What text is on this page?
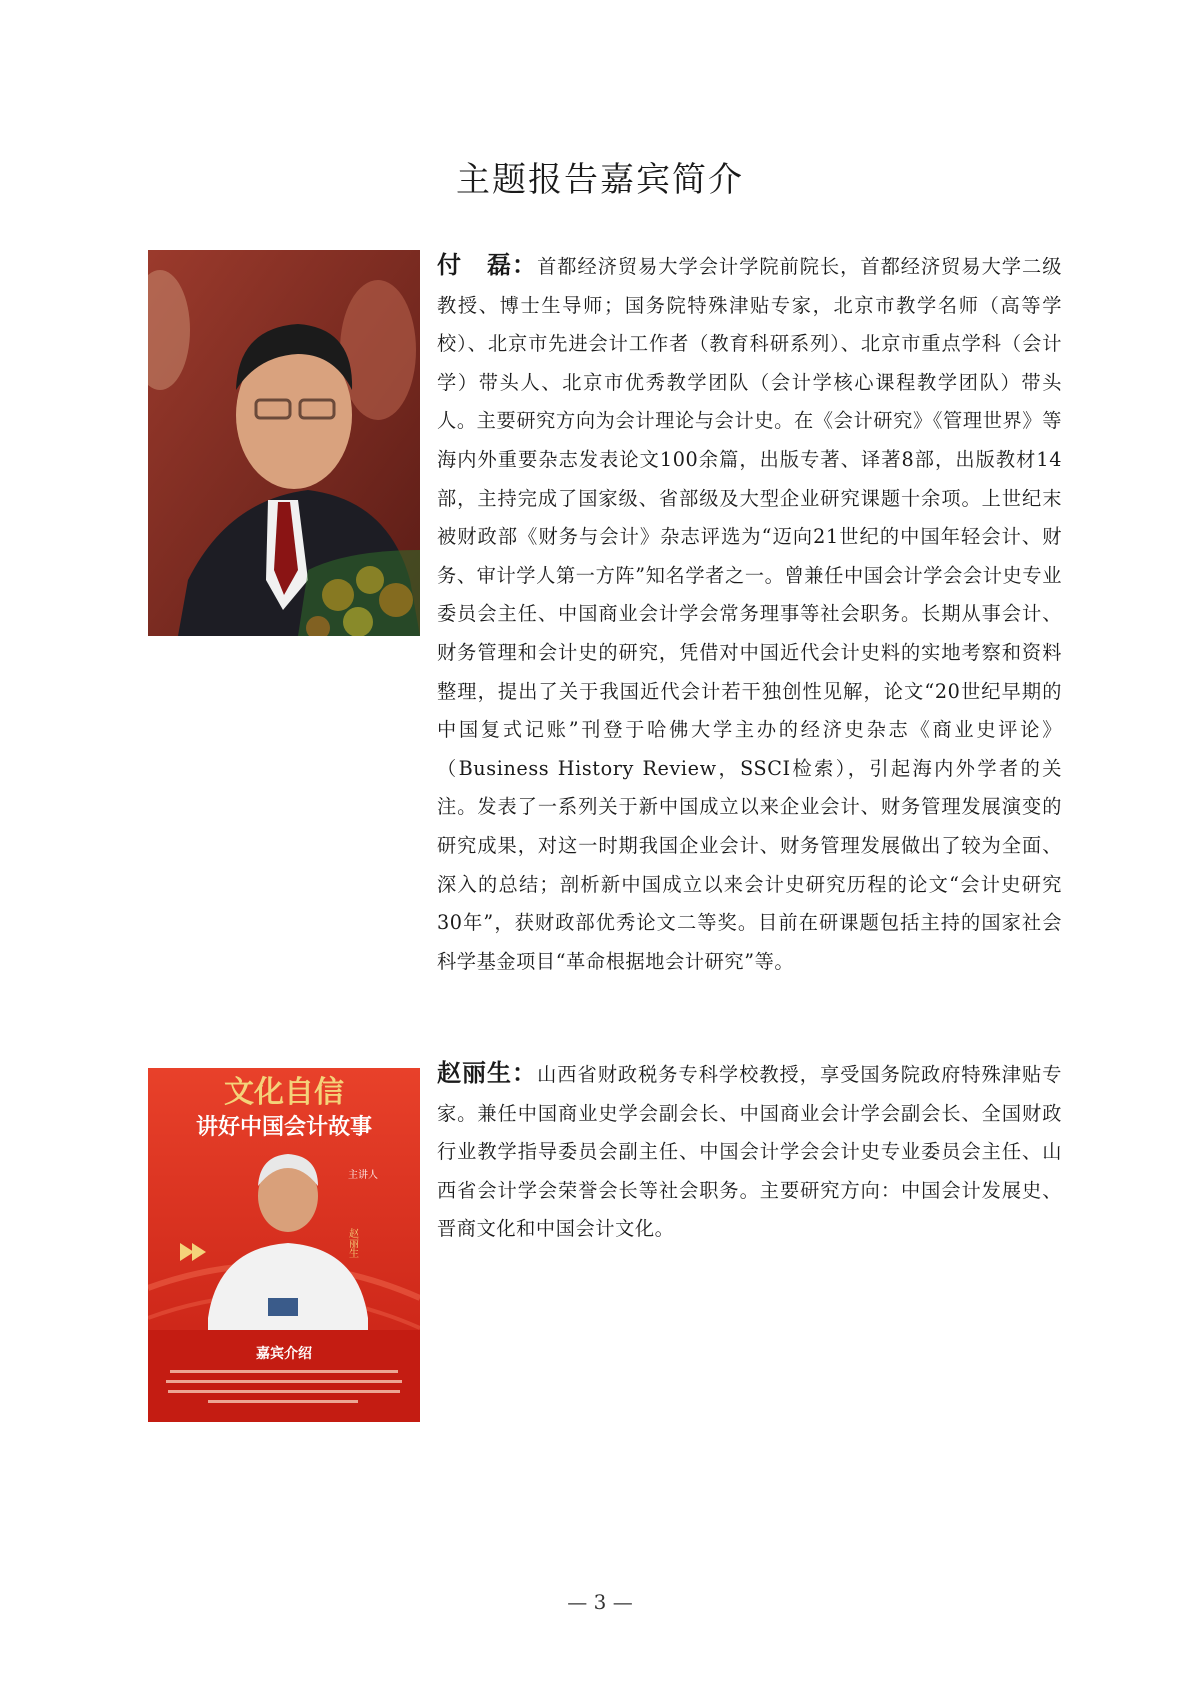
主题报告嘉宾简介
付　磊：首都经济贸易大学会计学院前院长，首都经济贸易大学二级教授、博士生导师；国务院特殊津贴专家，北京市教学名师（高等学校）、北京市先进会计工作者（教育科研系列）、北京市重点学科（会计学）带头人、北京市优秀教学团队（会计学核心课程教学团队）带头人。主要研究方向为会计理论与会计史。在《会计研究》《管理世界》等海内外重要杂志发表论文100余篇，出版专著、译著8部，出版教材14部，主持完成了国家级、省部级及大型企业研究课题十余项。上世纪末被财政部《财务与会计》杂志评选为“迈向21世纪的中国年轻会计、财务、审计学人第一方阵”知名学者之一。曾兼任中国会计学会会计史专业委员会主任、中国商业会计学会常务理事等社会职务。长期从事会计、财务管理和会计史的研究，凭借对中国近代会计史料的实地考察和资料整理，提出了关于我国近代会计若干独创性见解，论文“20世纪早期的中国复式记账”刊登于哈佛大学主办的经济史杂志《商业史评论》（Business History Review，SSCI检索），引起海内外学者的关注。发表了一系列关于新中国成立以来企业会计、财务管理发展演变的研究成果，对这一时期我国企业会计、财务管理发展做出了较为全面、深入的总结；剖析新中国成立以来会计史研究历程的论文“会计史研究30年”，获财政部优秀论文二等奖。目前在研课题包括主持的国家社会科学基金项目“革命根据地会计研究”等。
文化自信
讲好中国会计故事
主讲人
赵丽生
嘉宾介绍
赵丽生：山西省财政税务专科学校教授，享受国务院政府特殊津贴专家。兼任中国商业史学会副会长、中国商业会计学会副会长、全国财政行业教学指导委员会副主任、中国会计学会会计史专业委员会主任、山西省会计学会荣誉会长等社会职务。主要研究方向：中国会计发展史、晋商文化和中国会计文化。
— 3 —
